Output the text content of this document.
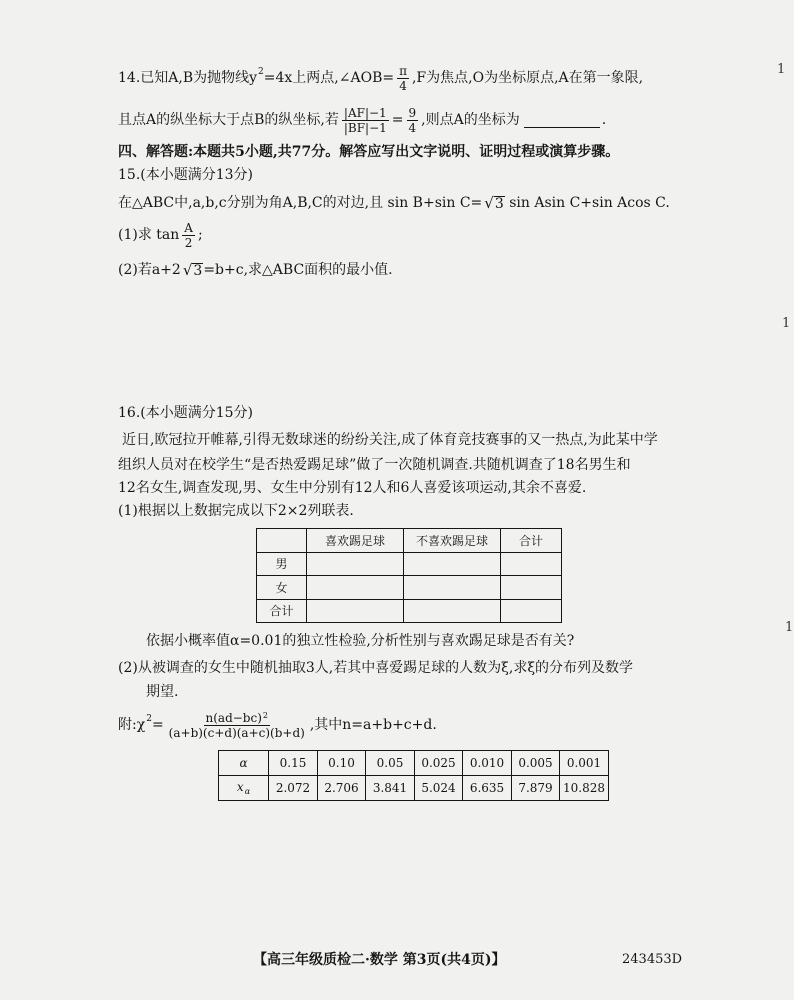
1
1
1
14.已知A,B为抛物线y 2 =4x上两点,∠AOB= $\frac{\pi}{4} ,F$为焦点,O为坐标原点,A在第一象限,
且点A的纵坐标大于点B的纵坐标,若 $\frac{|AF|-1}{|BF|-1} = \frac{9}{4}$ ,则点A的坐标为	.
四、解答题:本题共5小题,共77分。解答应写出文字说明、证明过程或演算步骤。
15.(本小题满分13分)
在△ABC中,a,b,c分别为角A,B,C的对边,且 sin B+sin C= √ 3 sin Asin C+sin Acos C.
(1)求 $\tan \frac{A}{2}$ ;
(2)若a+2 √ 3 =b+c,求△ABC面积的最小值.
16.(本小题满分15分)
近日,欧冠拉开帷幕,引得无数球迷的纷纷关注,成了体育竞技赛事的又一热点,为此某中学
组织人员对在校学生“是否热爱踢足球”做了一次随机调查.共随机调查了18名男生和
12名女生,调查发现,男、女生中分别有12人和6人喜爱该项运动,其余不喜爱.
(1)根据以上数据完成以下2×2列联表.
	喜欢踢足球	不喜欢踢足球	合计
男			
女			
合计			
依据小概率值α=0.01的独立性检验,分析性别与喜欢踢足球是否有关?
(2)从被调查的女生中随机抽取3人,若其中喜爱踢足球的人数为ξ,求ξ的分布列及数学
期望.
附:χ $2 = \frac{n(ad-bc)^2}{(a+b)(c+d)(a+c)(b+d)}$ ,其中n=a+b+c+d.
α	0.15	0.10	0.05	0.025	0.010	0.005	0.001
$x_\alpha$	2.072	2.706	3.841	5.024	6.635	7.879	10.828
【高三年级质检二·数学 第3页(共4页)】	243453D
